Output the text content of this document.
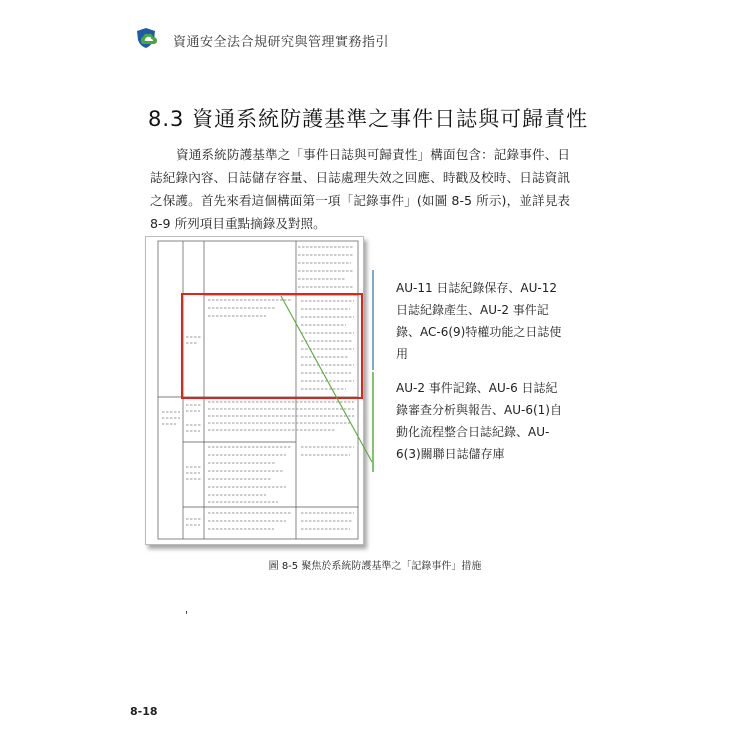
資通安全法合規研究與管理實務指引
8.3 資通系統防護基準之事件日誌與可歸責性

資通系統防護基準之「事件日誌與可歸責性」構面包含：記錄事件、日誌紀錄內容、日誌儲存容量、日誌處理失效之回應、時戳及校時、日誌資訊之保護。首先來看這個構面第一項「記錄事件」(如圖 8-5 所示)，並詳見表 8-9 所列項目重點摘錄及對照。

AU-11 日誌紀錄保存、AU-12 日誌紀錄產生、AU-2 事件記錄、AC-6(9)特權功能之日誌使用
AU-2 事件記錄、AU-6 日誌紀錄審查分析與報告、AU-6(1)自動化流程整合日誌紀錄、AU-6(3)關聯日誌儲存庫
圖 8-5 聚焦於系統防護基準之「記錄事件」措施
'
8-18
